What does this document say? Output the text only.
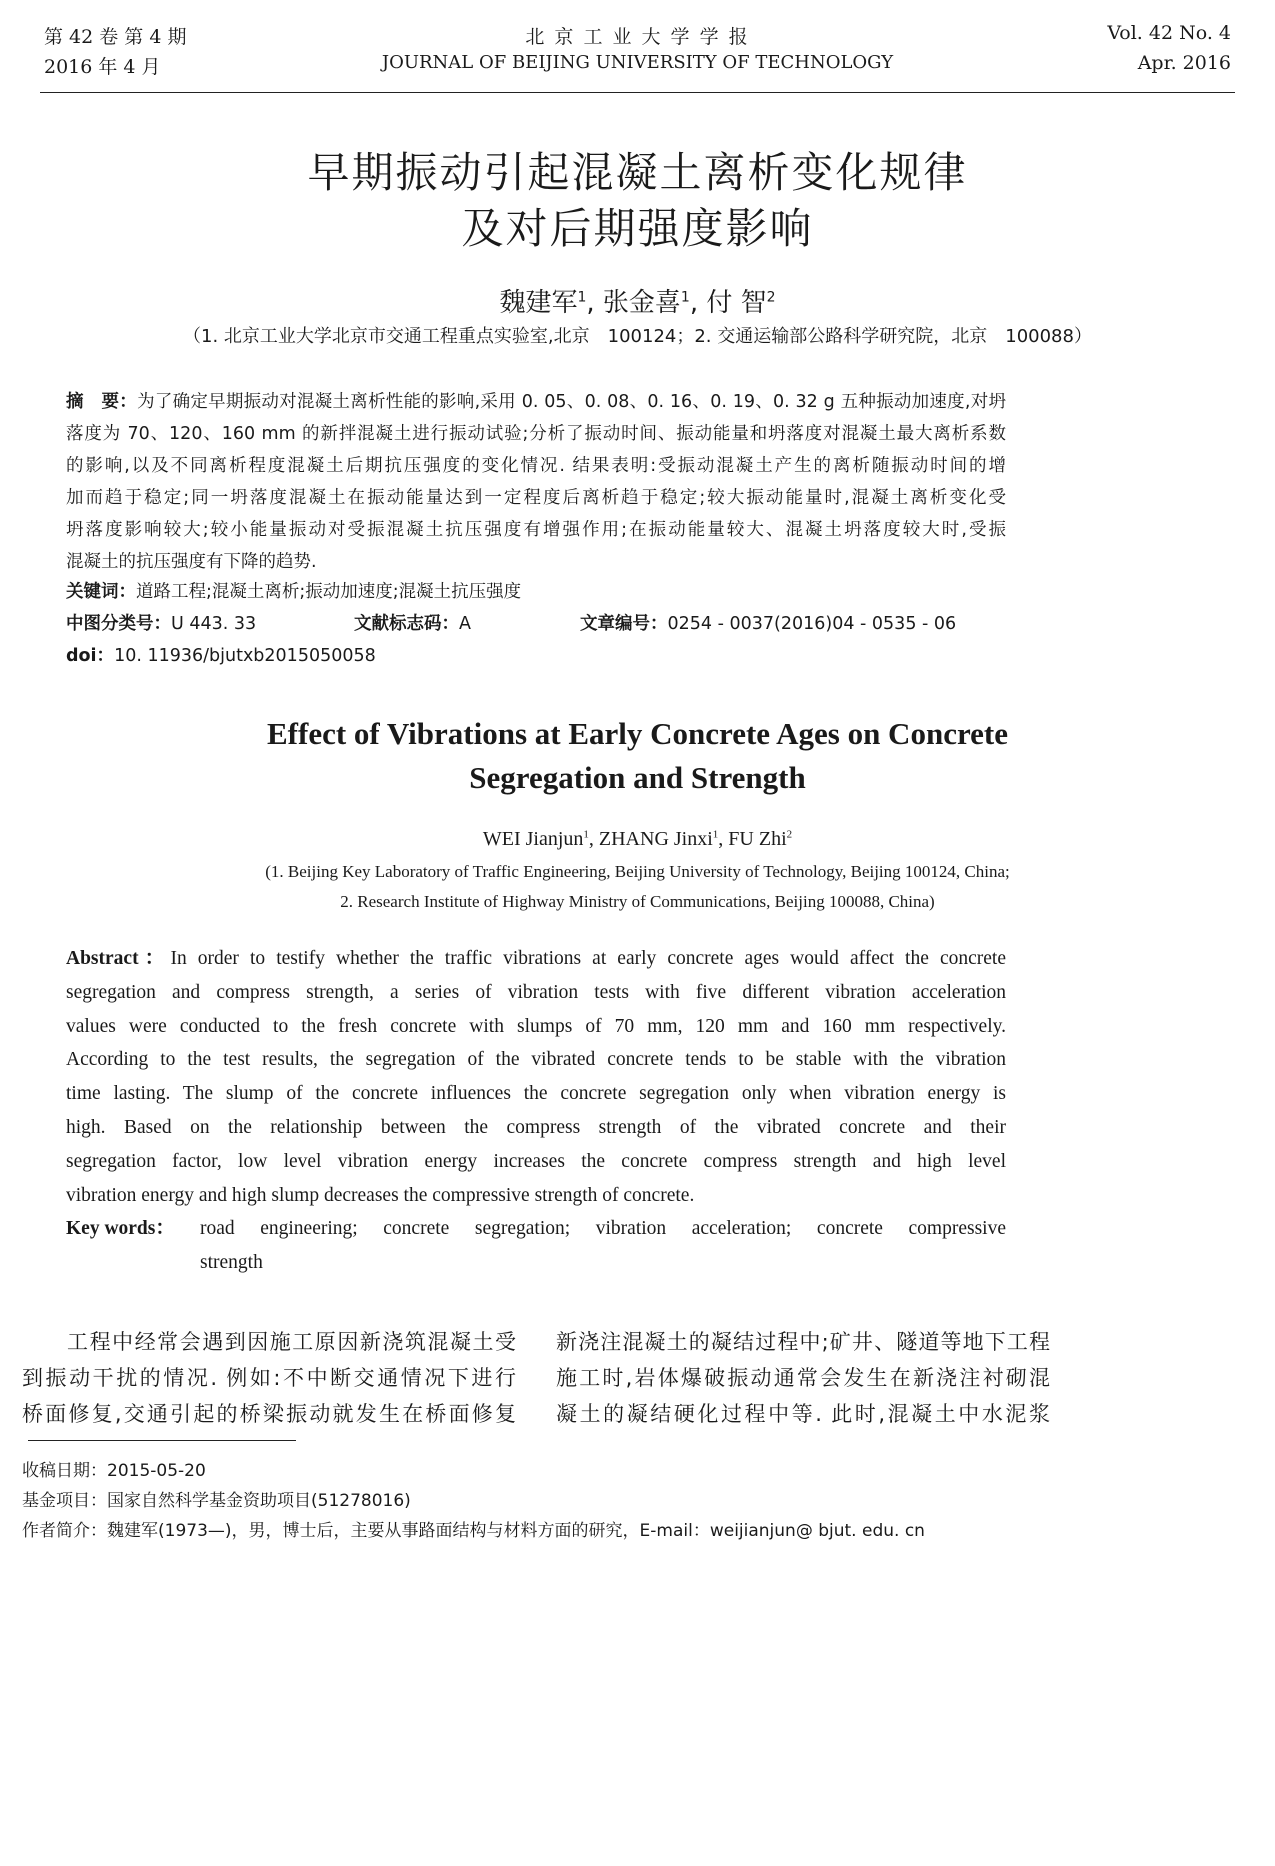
第 42 卷 第 4 期
2016 年 4 月
北 京 工 业 大 学 学 报
JOURNAL OF BEIJING UNIVERSITY OF TECHNOLOGY
Vol. 42 No. 4
Apr. 2016
早期振动引起混凝土离析变化规律
及对后期强度影响
魏建军$^1$, 张金喜$^1$, 付 智$^2$
（1. 北京工业大学北京市交通工程重点实验室,北京　100124；2. 交通运输部公路科学研究院，北京　100088）
摘　要：为了确定早期振动对混凝土离析性能的影响,采用 0. 05、0. 08、0. 16、0. 19、0. 32 g 五种振动加速度,对坍
落度为 70、120、160 mm 的新拌混凝土进行振动试验;分析了振动时间、振动能量和坍落度对混凝土最大离析系数
的影响,以及不同离析程度混凝土后期抗压强度的变化情况. 结果表明:受振动混凝土产生的离析随振动时间的增
加而趋于稳定;同一坍落度混凝土在振动能量达到一定程度后离析趋于稳定;较大振动能量时,混凝土离析变化受
坍落度影响较大;较小能量振动对受振混凝土抗压强度有增强作用;在振动能量较大、混凝土坍落度较大时,受振
混凝土的抗压强度有下降的趋势.
关键词：道路工程;混凝土离析;振动加速度;混凝土抗压强度
中图分类号：U 443. 33	文献标志码：A	文章编号：0254 - 0037(2016)04 - 0535 - 06
doi：10. 11936/bjutxb2015050058
Effect of Vibrations at Early Concrete Ages on Concrete
Segregation and Strength
WEI Jianjun$^1$, ZHANG Jinxi$^1$, FU Zhi$^2$
(1. Beijing Key Laboratory of Traffic Engineering, Beijing University of Technology, Beijing 100124, China;
2. Research Institute of Highway Ministry of Communications, Beijing 100088, China)
Abstract：In order to testify whether the traffic vibrations at early concrete ages would affect the concrete
segregation and compress strength, a series of vibration tests with five different vibration acceleration
values were conducted to the fresh concrete with slumps of 70 mm, 120 mm and 160 mm respectively.
According to the test results, the segregation of the vibrated concrete tends to be stable with the vibration
time lasting. The slump of the concrete influences the concrete segregation only when vibration energy is
high. Based on the relationship between the compress strength of the vibrated concrete and their
segregation factor, low level vibration energy increases the concrete compress strength and high level
vibration energy and high slump decreases the compressive strength of concrete.
Key words： road engineering; concrete segregation; vibration acceleration; concrete compressive
strength
　　工程中经常会遇到因施工原因新浇筑混凝土受
到振动干扰的情况. 例如:不中断交通情况下进行
桥面修复,交通引起的桥梁振动就发生在桥面修复
新浇注混凝土的凝结过程中;矿井、隧道等地下工程
施工时,岩体爆破振动通常会发生在新浇注衬砌混
凝土的凝结硬化过程中等. 此时,混凝土中水泥浆
收稿日期：2015-05-20
基金项目：国家自然科学基金资助项目(51278016)
作者简介：魏建军(1973—)，男，博士后，主要从事路面结构与材料方面的研究，E-mail：weijianjun@ bjut. edu. cn
